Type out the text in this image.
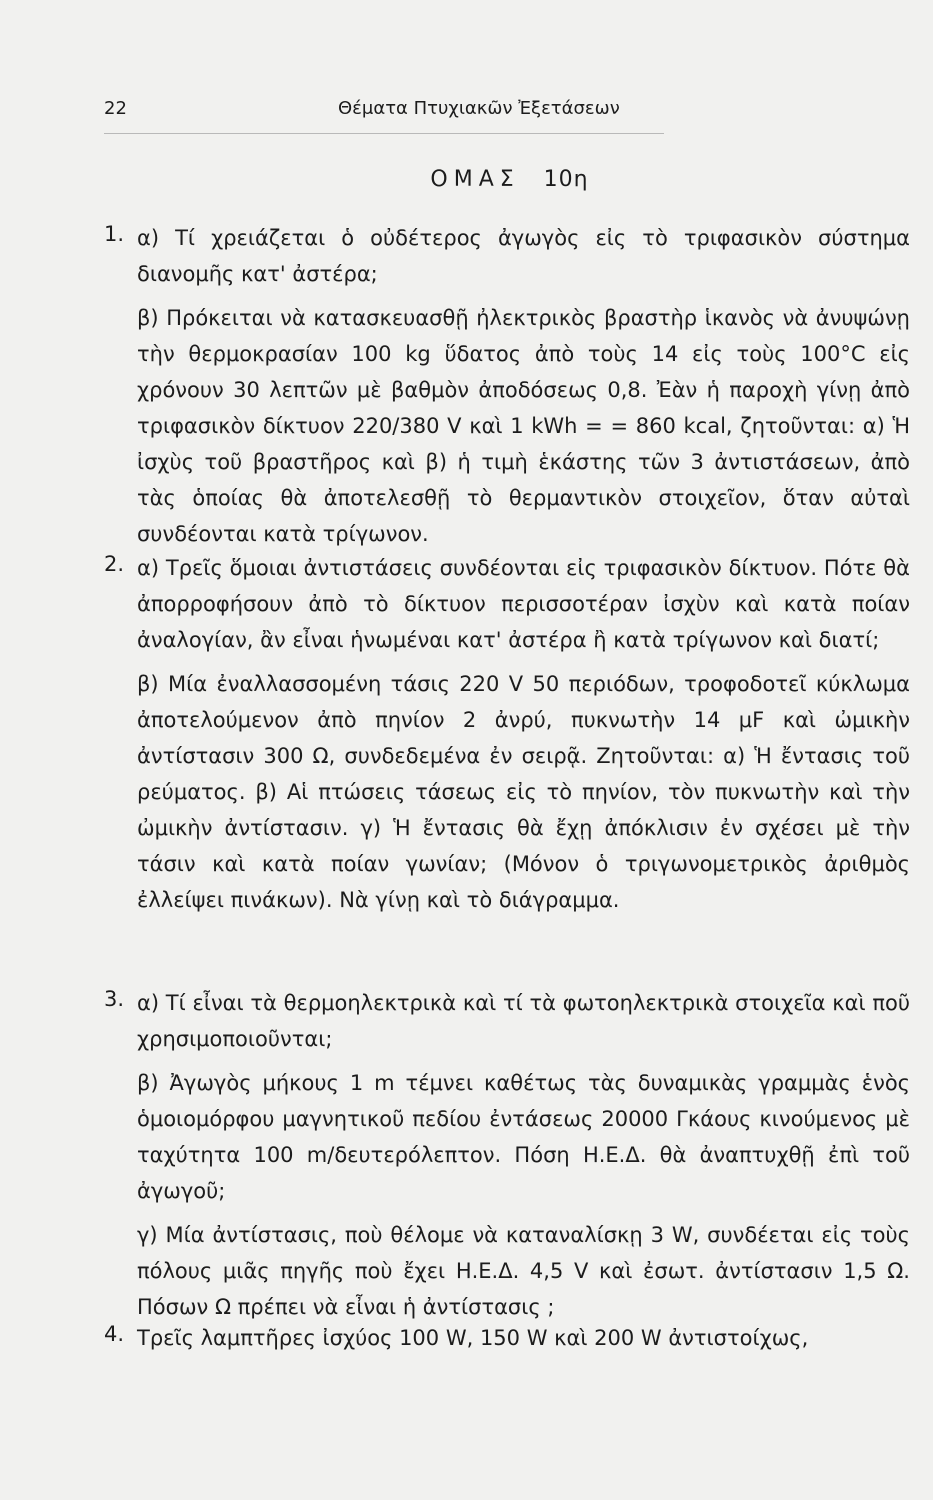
22	Θέματα Πτυχιακῶν Ἐξετάσεων
ΟΜΑΣ 10η
1. α) Τί χρειάζεται ὁ οὐδέτερος ἀγωγὸς εἰς τὸ τριφασικὸν σύστημα διανομῆς κατ' ἀστέρα;
β) Πρόκειται νὰ κατασκευασθῇ ἠλεκτρικὸς βραστὴρ ἱκανὸς νὰ ἀνυψώνῃ τὴν θερμοκρασίαν 100 kg ὕδατος ἀπὸ τοὺς 14 εἰς τοὺς 100°C εἰς χρόνουν 30 λεπτῶν μὲ βαθμὸν ἀποδόσεως 0,8. Ἐὰν ἡ παροχὴ γίνῃ ἀπὸ τριφασικὸν δίκτυον 220/380 V καὶ 1 kWh = = 860 kcal, ζητοῦνται: α) Ἡ ἰσχὺς τοῦ βραστῆρος καὶ β) ἡ τιμὴ ἑκάστης τῶν 3 ἀντιστάσεων, ἀπὸ τὰς ὁποίας θὰ ἀποτελεσθῇ τὸ θερμαντικὸν στοιχεῖον, ὅταν αὐταὶ συνδέονται κατὰ τρίγωνον.
2. α) Τρεῖς ὅμοιαι ἀντιστάσεις συνδέονται εἰς τριφασικὸν δίκτυον. Πότε θὰ ἀπορροφήσουν ἀπὸ τὸ δίκτυον περισσοτέραν ἰσχὺν καὶ κατὰ ποίαν ἀναλογίαν, ἂν εἶναι ἡνωμέναι κατ' ἀστέρα ἢ κατὰ τρίγωνον καὶ διατί;
β) Μία ἐναλλασσομένη τάσις 220 V 50 περιόδων, τροφοδοτεῖ κύκλωμα ἀποτελούμενον ἀπὸ πηνίον 2 ἀνρύ, πυκνωτὴν 14 μF καὶ ὠμικὴν ἀντίστασιν 300 Ω, συνδεδεμένα ἐν σειρᾷ. Ζητοῦνται: α) Ἡ ἔντασις τοῦ ρεύματος. β) Αἱ πτώσεις τάσεως εἰς τὸ πηνίον, τὸν πυκνωτὴν καὶ τὴν ὠμικὴν ἀντίστασιν. γ) Ἡ ἔντασις θὰ ἔχῃ ἀπόκλισιν ἐν σχέσει μὲ τὴν τάσιν καὶ κατὰ ποίαν γωνίαν; (Μόνον ὁ τριγωνομετρικὸς ἀριθμὸς ἐλλείψει πινάκων). Νὰ γίνῃ καὶ τὸ διάγραμμα.
3. α) Τί εἶναι τὰ θερμοηλεκτρικὰ καὶ τί τὰ φωτοηλεκτρικὰ στοιχεῖα καὶ ποῦ χρησιμοποιοῦνται;
β) Ἀγωγὸς μήκους 1 m τέμνει καθέτως τὰς δυναμικὰς γραμμὰς ἑνὸς ὁμοιομόρφου μαγνητικοῦ πεδίου ἐντάσεως 20000 Γκάους κινούμενος μὲ ταχύτητα 100 m/δευτερόλεπτον. Πόση Η.Ε.Δ. θὰ ἀναπτυχθῇ ἐπὶ τοῦ ἀγωγοῦ;
γ) Μία ἀντίστασις, ποὺ θέλομε νὰ καταναλίσκῃ 3 W, συνδέεται εἰς τοὺς πόλους μιᾶς πηγῆς ποὺ ἔχει Η.Ε.Δ. 4,5 V καὶ ἐσωτ. ἀντίστασιν 1,5 Ω. Πόσων Ω πρέπει νὰ εἶναι ἡ ἀντίστασις ;
4. Τρεῖς λαμπτῆρες ἰσχύος 100 W, 150 W καὶ 200 W ἀντιστοίχως,
